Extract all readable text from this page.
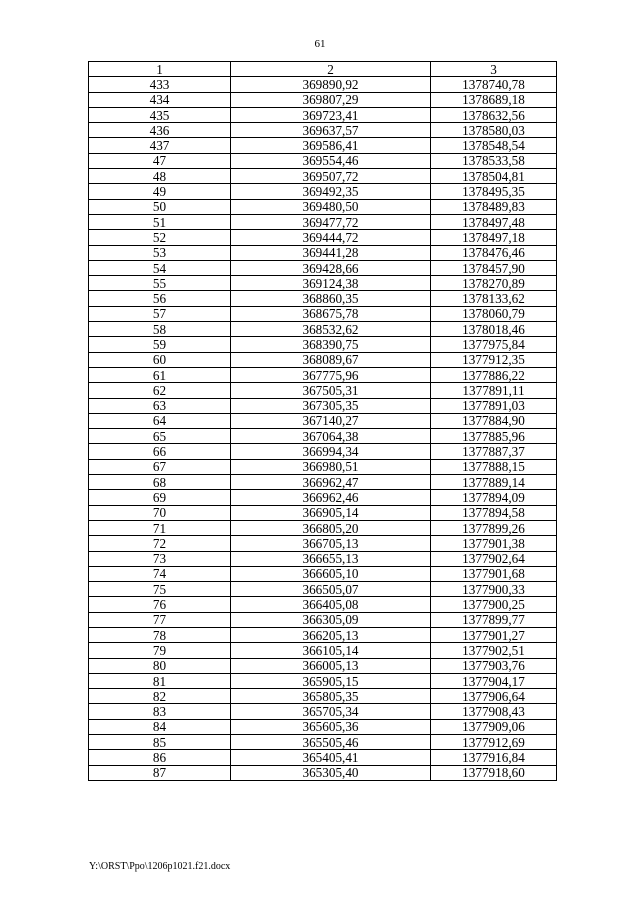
61
1	2	3
433	369890,92	1378740,78
434	369807,29	1378689,18
435	369723,41	1378632,56
436	369637,57	1378580,03
437	369586,41	1378548,54
47	369554,46	1378533,58
48	369507,72	1378504,81
49	369492,35	1378495,35
50	369480,50	1378489,83
51	369477,72	1378497,48
52	369444,72	1378497,18
53	369441,28	1378476,46
54	369428,66	1378457,90
55	369124,38	1378270,89
56	368860,35	1378133,62
57	368675,78	1378060,79
58	368532,62	1378018,46
59	368390,75	1377975,84
60	368089,67	1377912,35
61	367775,96	1377886,22
62	367505,31	1377891,11
63	367305,35	1377891,03
64	367140,27	1377884,90
65	367064,38	1377885,96
66	366994,34	1377887,37
67	366980,51	1377888,15
68	366962,47	1377889,14
69	366962,46	1377894,09
70	366905,14	1377894,58
71	366805,20	1377899,26
72	366705,13	1377901,38
73	366655,13	1377902,64
74	366605,10	1377901,68
75	366505,07	1377900,33
76	366405,08	1377900,25
77	366305,09	1377899,77
78	366205,13	1377901,27
79	366105,14	1377902,51
80	366005,13	1377903,76
81	365905,15	1377904,17
82	365805,35	1377906,64
83	365705,34	1377908,43
84	365605,36	1377909,06
85	365505,46	1377912,69
86	365405,41	1377916,84
87	365305,40	1377918,60
Y:\ORST\Ppo\1206p1021.f21.docx
